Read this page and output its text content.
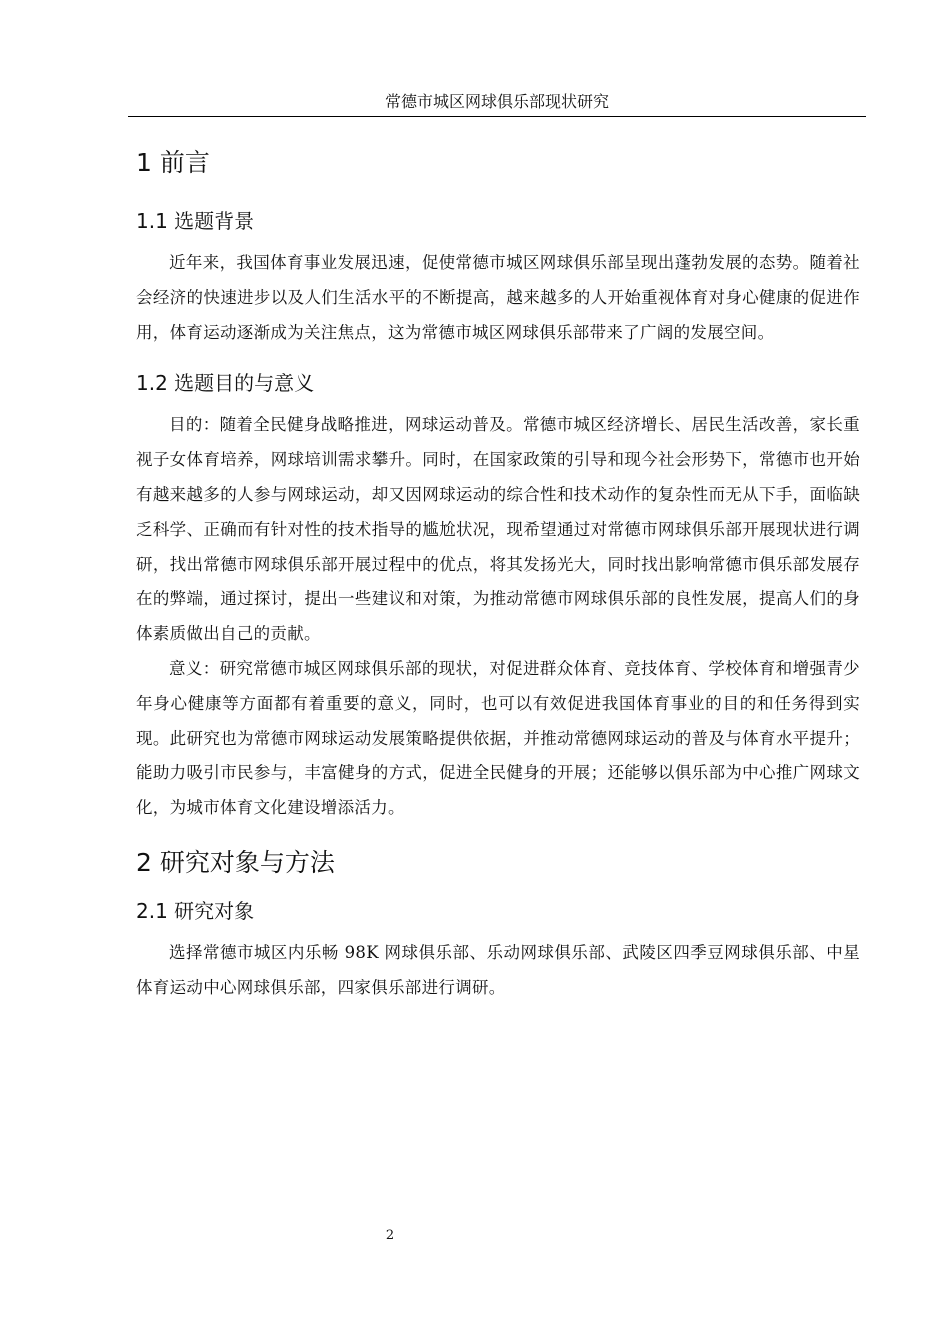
常德市城区网球俱乐部现状研究
1 前言
1.1 选题背景

近年来，我国体育事业发展迅速，促使常德市城区网球俱乐部呈现出蓬勃发展的态势。随着社会经济的快速进步以及人们生活水平的不断提高，越来越多的人开始重视体育对身心健康的促进作用，体育运动逐渐成为关注焦点，这为常德市城区网球俱乐部带来了广阔的发展空间。

1.2 选题目的与意义

目的：随着全民健身战略推进，网球运动普及。常德市城区经济增长、居民生活改善，家长重视子女体育培养，网球培训需求攀升。同时，在国家政策的引导和现今社会形势下，常德市也开始有越来越多的人参与网球运动，却又因网球运动的综合性和技术动作的复杂性而无从下手，面临缺乏科学、正确而有针对性的技术指导的尴尬状况，现希望通过对常德市网球俱乐部开展现状进行调研，找出常德市网球俱乐部开展过程中的优点，将其发扬光大，同时找出影响常德市俱乐部发展存在的弊端，通过探讨，提出一些建议和对策，为推动常德市网球俱乐部的良性发展，提高人们的身体素质做出自己的贡献。

意义：研究常德市城区网球俱乐部的现状，对促进群众体育、竞技体育、学校体育和增强青少年身心健康等方面都有着重要的意义，同时，也可以有效促进我国体育事业的目的和任务得到实现。此研究也为常德市网球运动发展策略提供依据，并推动常德网球运动的普及与体育水平提升；能助力吸引市民参与，丰富健身的方式，促进全民健身的开展；还能够以俱乐部为中心推广网球文化，为城市体育文化建设增添活力。

2 研究对象与方法
2.1 研究对象

选择常德市城区内乐畅 98K 网球俱乐部、乐动网球俱乐部、武陵区四季豆网球俱乐部、中星体育运动中心网球俱乐部，四家俱乐部进行调研。

2
